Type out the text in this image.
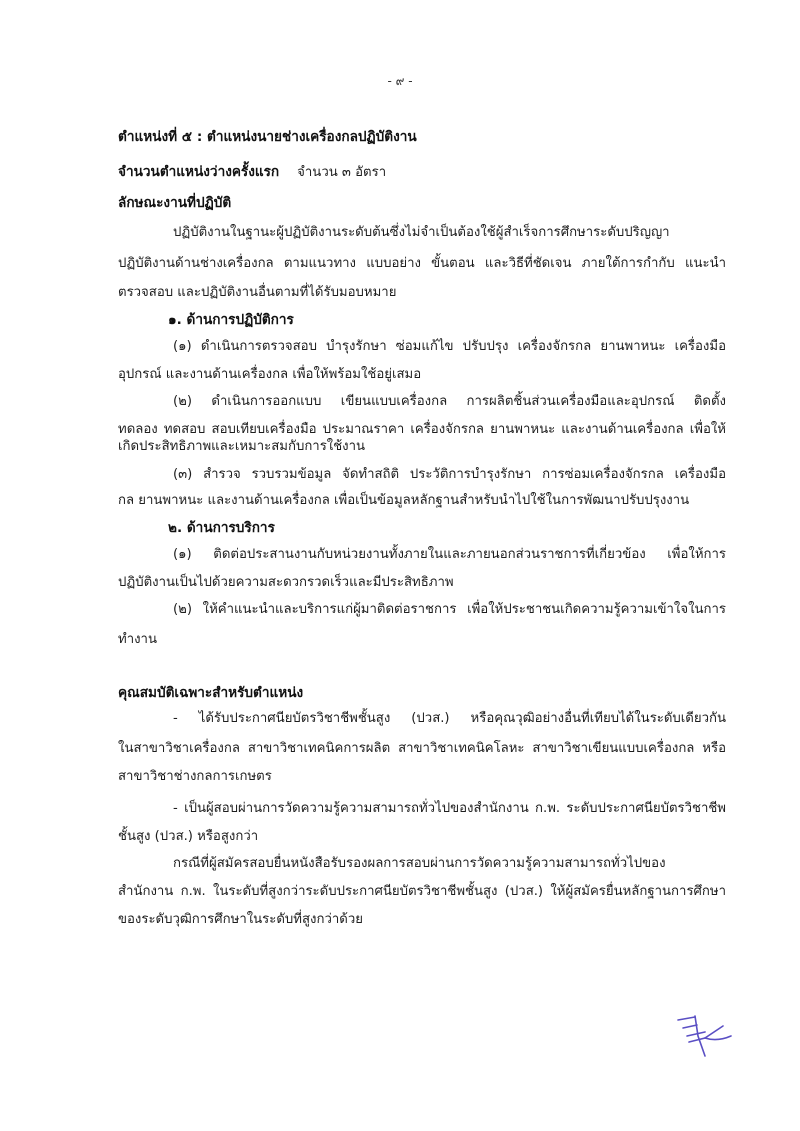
- ๙ -
ตำแหน่งที่ ๕ : ตำแหน่งนายช่างเครื่องกลปฏิบัติงาน
จำนวนตำแหน่งว่างครั้งแรก จำนวน ๓ อัตรา
ลักษณะงานที่ปฏิบัติ
ปฏิบัติงานในฐานะผู้ปฏิบัติงานระดับต้นซึ่งไม่จำเป็นต้องใช้ผู้สำเร็จการศึกษาระดับปริญญา
ปฏิบัติงานด้านช่างเครื่องกล ตามแนวทาง แบบอย่าง ขั้นตอน และวิธีที่ชัดเจน ภายใต้การกำกับ แนะนำ
ตรวจสอบ และปฏิบัติงานอื่นตามที่ได้รับมอบหมาย
๑. ด้านการปฏิบัติการ
(๑) ดำเนินการตรวจสอบ บำรุงรักษา ซ่อมแก้ไข ปรับปรุง เครื่องจักรกล ยานพาหนะ เครื่องมือ
อุปกรณ์ และงานด้านเครื่องกล เพื่อให้พร้อมใช้อยู่เสมอ
(๒) ดำเนินการออกแบบ เขียนแบบเครื่องกล การผลิตชิ้นส่วนเครื่องมือและอุปกรณ์ ติดตั้ง
ทดลอง ทดสอบ สอบเทียบเครื่องมือ ประมาณราคา เครื่องจักรกล ยานพาหนะ และงานด้านเครื่องกล เพื่อให้
เกิดประสิทธิภาพและเหมาะสมกับการใช้งาน
(๓) สำรวจ รวบรวมข้อมูล จัดทำสถิติ ประวัติการบำรุงรักษา การซ่อมเครื่องจักรกล เครื่องมือ
กล ยานพาหนะ และงานด้านเครื่องกล เพื่อเป็นข้อมูลหลักฐานสำหรับนำไปใช้ในการพัฒนาปรับปรุงงาน
๒. ด้านการบริการ
(๑) ติดต่อประสานงานกับหน่วยงานทั้งภายในและภายนอกส่วนราชการที่เกี่ยวข้อง เพื่อให้การ
ปฏิบัติงานเป็นไปด้วยความสะดวกรวดเร็วและมีประสิทธิภาพ
(๒) ให้คำแนะนำและบริการแก่ผู้มาติดต่อราชการ เพื่อให้ประชาชนเกิดความรู้ความเข้าใจในการ
ทำงาน
คุณสมบัติเฉพาะสำหรับตำแหน่ง
- ได้รับประกาศนียบัตรวิชาชีพชั้นสูง (ปวส.) หรือคุณวุฒิอย่างอื่นที่เทียบได้ในระดับเดียวกัน
ในสาขาวิชาเครื่องกล สาขาวิชาเทคนิคการผลิต สาขาวิชาเทคนิคโลหะ สาขาวิชาเขียนแบบเครื่องกล หรือ
สาขาวิชาช่างกลการเกษตร
- เป็นผู้สอบผ่านการวัดความรู้ความสามารถทั่วไปของสำนักงาน ก.พ. ระดับประกาศนียบัตรวิชาชีพ
ชั้นสูง (ปวส.) หรือสูงกว่า
กรณีที่ผู้สมัครสอบยื่นหนังสือรับรองผลการสอบผ่านการวัดความรู้ความสามารถทั่วไปของ
สำนักงาน ก.พ. ในระดับที่สูงกว่าระดับประกาศนียบัตรวิชาชีพชั้นสูง (ปวส.) ให้ผู้สมัครยื่นหลักฐานการศึกษา
ของระดับวุฒิการศึกษาในระดับที่สูงกว่าด้วย
